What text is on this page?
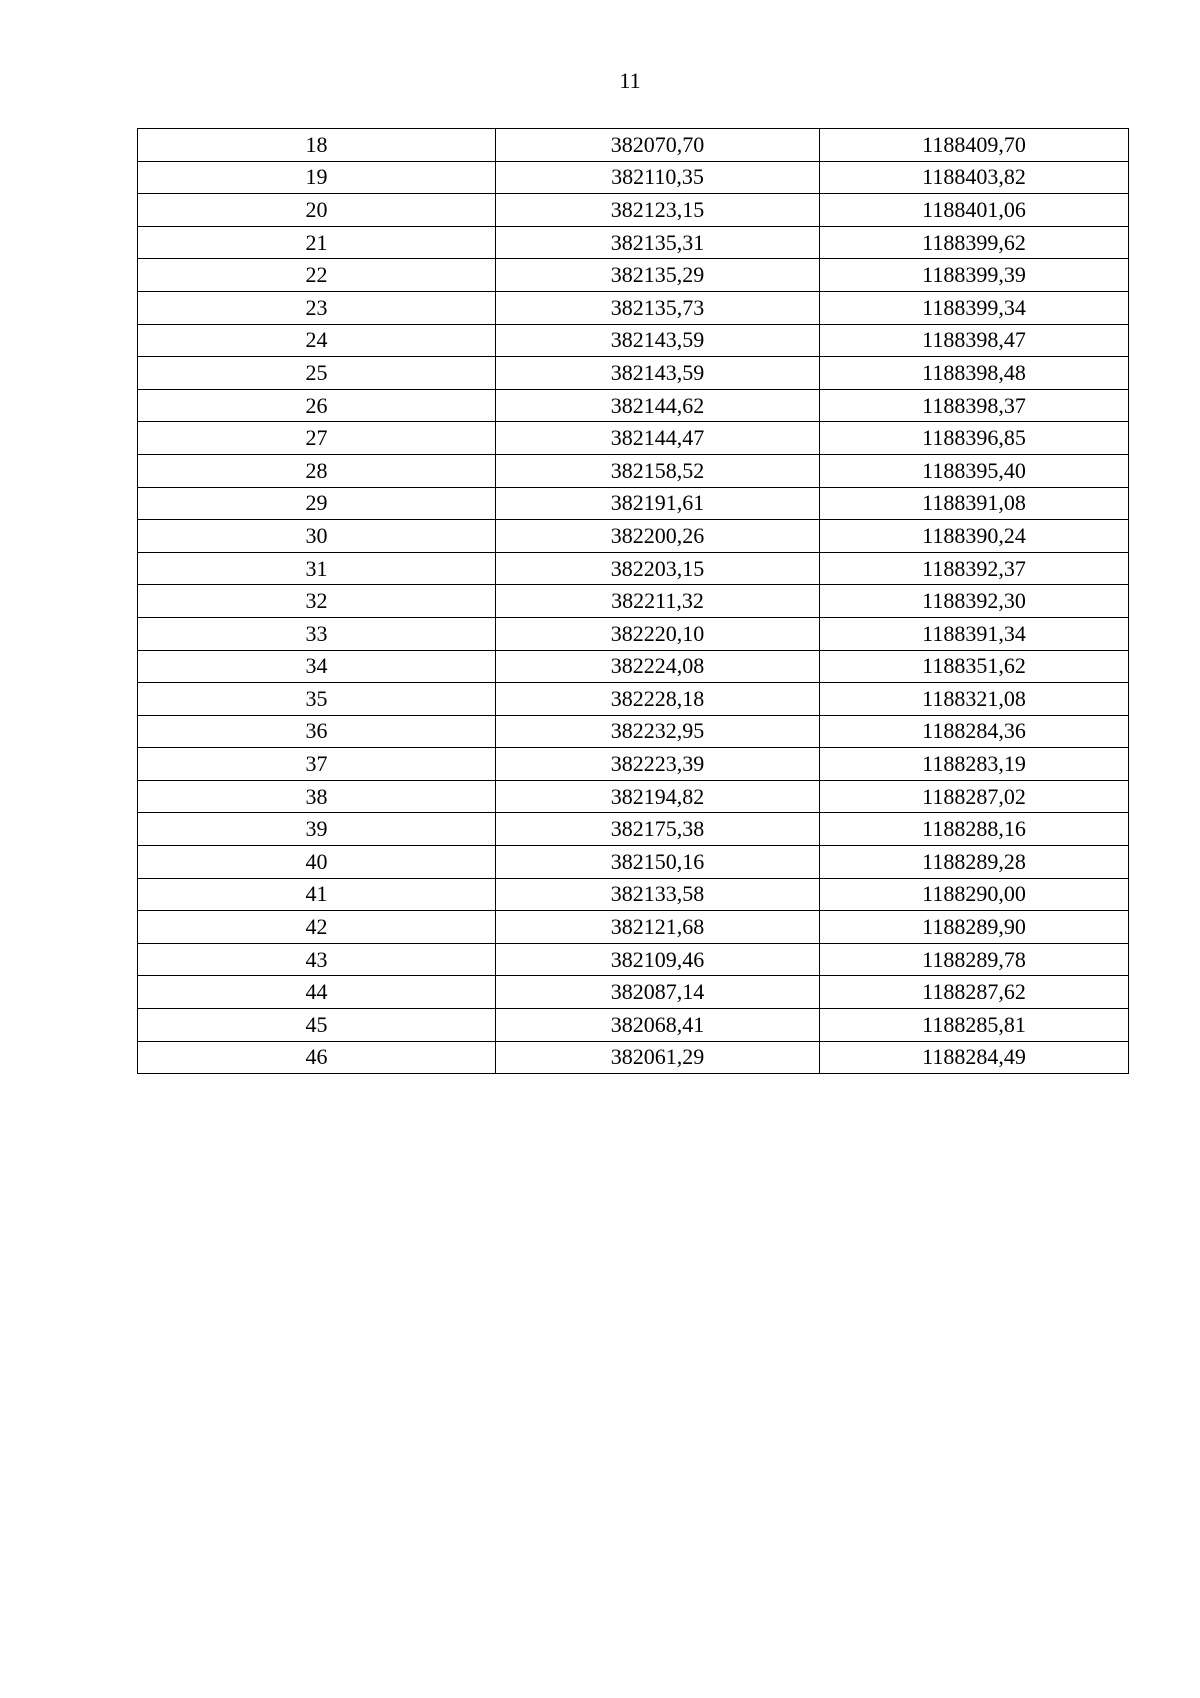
11
18	382070,70	1188409,70
19	382110,35	1188403,82
20	382123,15	1188401,06
21	382135,31	1188399,62
22	382135,29	1188399,39
23	382135,73	1188399,34
24	382143,59	1188398,47
25	382143,59	1188398,48
26	382144,62	1188398,37
27	382144,47	1188396,85
28	382158,52	1188395,40
29	382191,61	1188391,08
30	382200,26	1188390,24
31	382203,15	1188392,37
32	382211,32	1188392,30
33	382220,10	1188391,34
34	382224,08	1188351,62
35	382228,18	1188321,08
36	382232,95	1188284,36
37	382223,39	1188283,19
38	382194,82	1188287,02
39	382175,38	1188288,16
40	382150,16	1188289,28
41	382133,58	1188290,00
42	382121,68	1188289,90
43	382109,46	1188289,78
44	382087,14	1188287,62
45	382068,41	1188285,81
46	382061,29	1188284,49
